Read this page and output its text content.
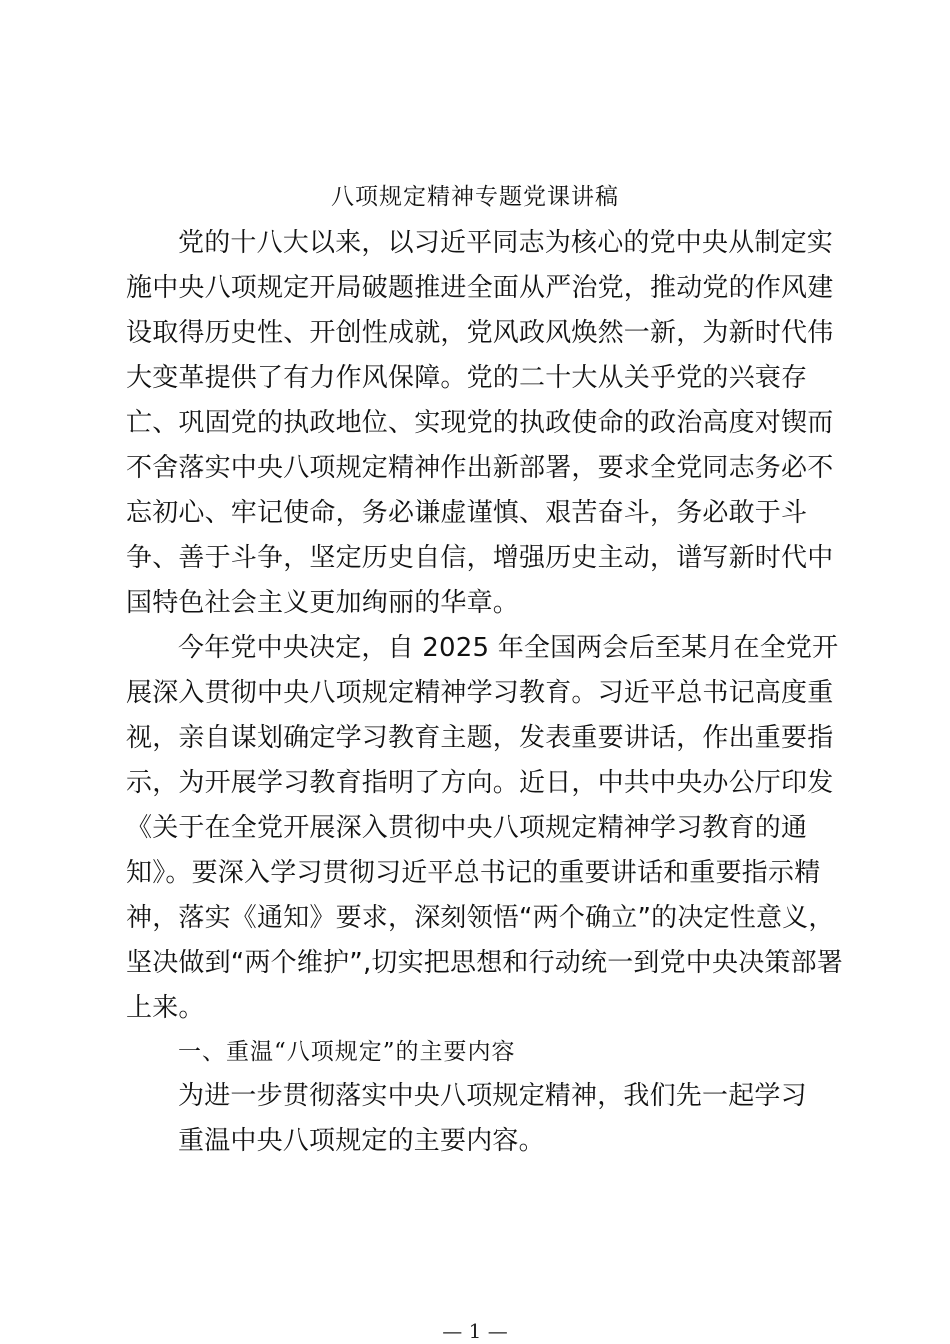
八项规定精神专题党课讲稿
党的十八大以来，以习近平同志为核心的党中央从制定实
施中央八项规定开局破题推进全面从严治党，推动党的作风建
设取得历史性、开创性成就，党风政风焕然一新，为新时代伟
大变革提供了有力作风保障。党的二十大从关乎党的兴衰存
亡、巩固党的执政地位、实现党的执政使命的政治高度对锲而
不舍落实中央八项规定精神作出新部署，要求全党同志务必不
忘初心、牢记使命，务必谦虚谨慎、艰苦奋斗，务必敢于斗
争、善于斗争，坚定历史自信，增强历史主动，谱写新时代中
国特色社会主义更加绚丽的华章。
今年党中央决定，自 2025 年全国两会后至某月在全党开
展深入贯彻中央八项规定精神学习教育。习近平总书记高度重
视，亲自谋划确定学习教育主题，发表重要讲话，作出重要指
示，为开展学习教育指明了方向。近日，中共中央办公厅印发
《关于在全党开展深入贯彻中央八项规定精神学习教育的通
知》。要深入学习贯彻习近平总书记的重要讲话和重要指示精
神，落实《通知》要求，深刻领悟“两个确立”的决定性意义，
坚决做到“两个维护”,切实把思想和行动统一到党中央决策部署
上来。
一、重温“八项规定”的主要内容
为进一步贯彻落实中央八项规定精神，我们先一起学习
重温中央八项规定的主要内容。
— 1 —
